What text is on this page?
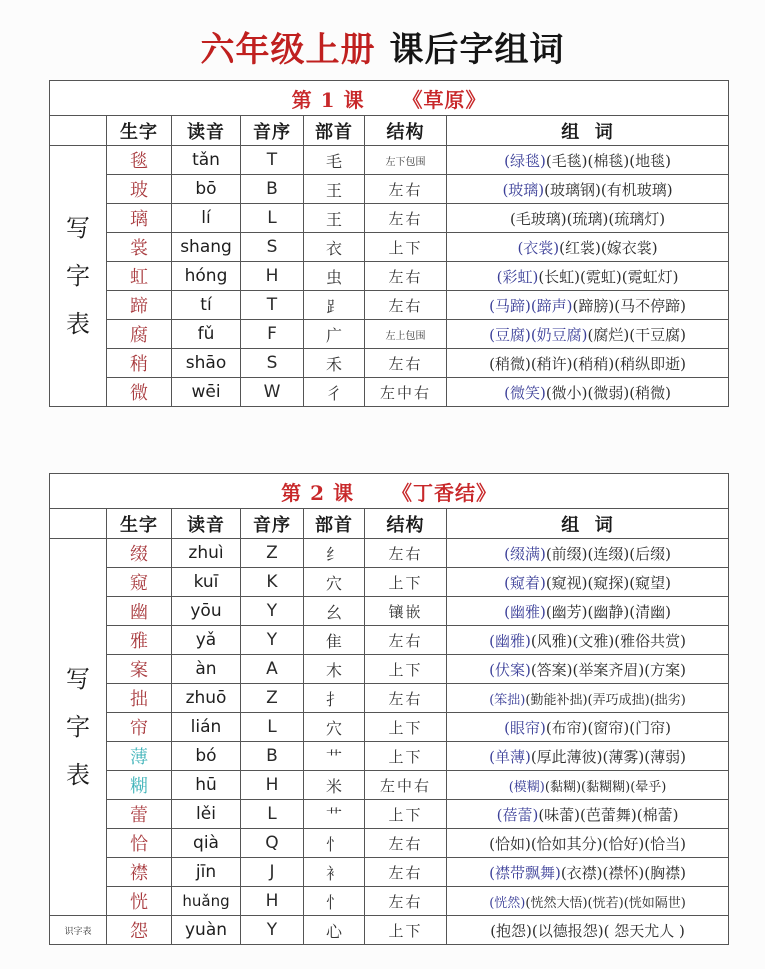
六年级上册 课后字组词
第 1 课 《草原》						
	生字	读音	音序	部首	结构	组  词

写
字
表	毯	tǎn	T	毛	左下包围	(绿毯)(毛毯)(棉毯)(地毯)
	玻	bō	B	王	左右	(玻璃)(玻璃钢)(有机玻璃)
	璃	lí	L	王	左右	(毛玻璃)(琉璃)(琉璃灯)
	裳	shang	S	衣	上下	(衣裳)(红裳)(嫁衣裳)
	虹	hóng	H	虫	左右	(彩虹)(长虹)(霓虹)(霓虹灯)
	蹄	tí	T	⻊	左右	(马蹄)(蹄声)(蹄膀)(马不停蹄)
	腐	fǔ	F	广	左上包围	(豆腐)(奶豆腐)(腐烂)(干豆腐)
	稍	shāo	S	禾	左右	(稍微)(稍许)(稍稍)(稍纵即逝)
	微	wēi	W	彳	左中右	(微笑)(微小)(微弱)(稍微)
第 2 课 《丁香结》						
	生字	读音	音序	部首	结构	组  词

写
字
表	缀	zhuì	Z	纟	左右	(缀满)(前缀)(连缀)(后缀)
	窥	kuī	K	穴	上下	(窥着)(窥视)(窥探)(窥望)
	幽	yōu	Y	幺	镶嵌	(幽雅)(幽芳)(幽静)(清幽)
	雅	yǎ	Y	隹	左右	(幽雅)(风雅)(文雅)(雅俗共赏)
	案	àn	A	木	上下	(伏案)(答案)(举案齐眉)(方案)
	拙	zhuō	Z	扌	左右	(笨拙)(勤能补拙)(弄巧成拙)(拙劣)
	帘	lián	L	穴	上下	(眼帘)(布帘)(窗帘)(门帘)
	薄	bó	B	艹	上下	(单薄)(厚此薄彼)(薄雾)(薄弱)
	糊	hū	H	米	左中右	(模糊)(黏糊)(黏糊糊)(晕乎)
	蕾	lěi	L	艹	上下	(蓓蕾)(味蕾)(芭蕾舞)(棉蕾)
	恰	qià	Q	忄	左右	(恰如)(恰如其分)(恰好)(恰当)
	襟	jīn	J	衤	左右	(襟带飘舞)(衣襟)(襟怀)(胸襟)
	恍	huǎng	H	忄	左右	(恍然)(恍然大悟)(恍若)(恍如隔世)
识字表	怨	yuàn	Y	心	上下	(抱怨)(以德报怨)( 怨天尤人 )
